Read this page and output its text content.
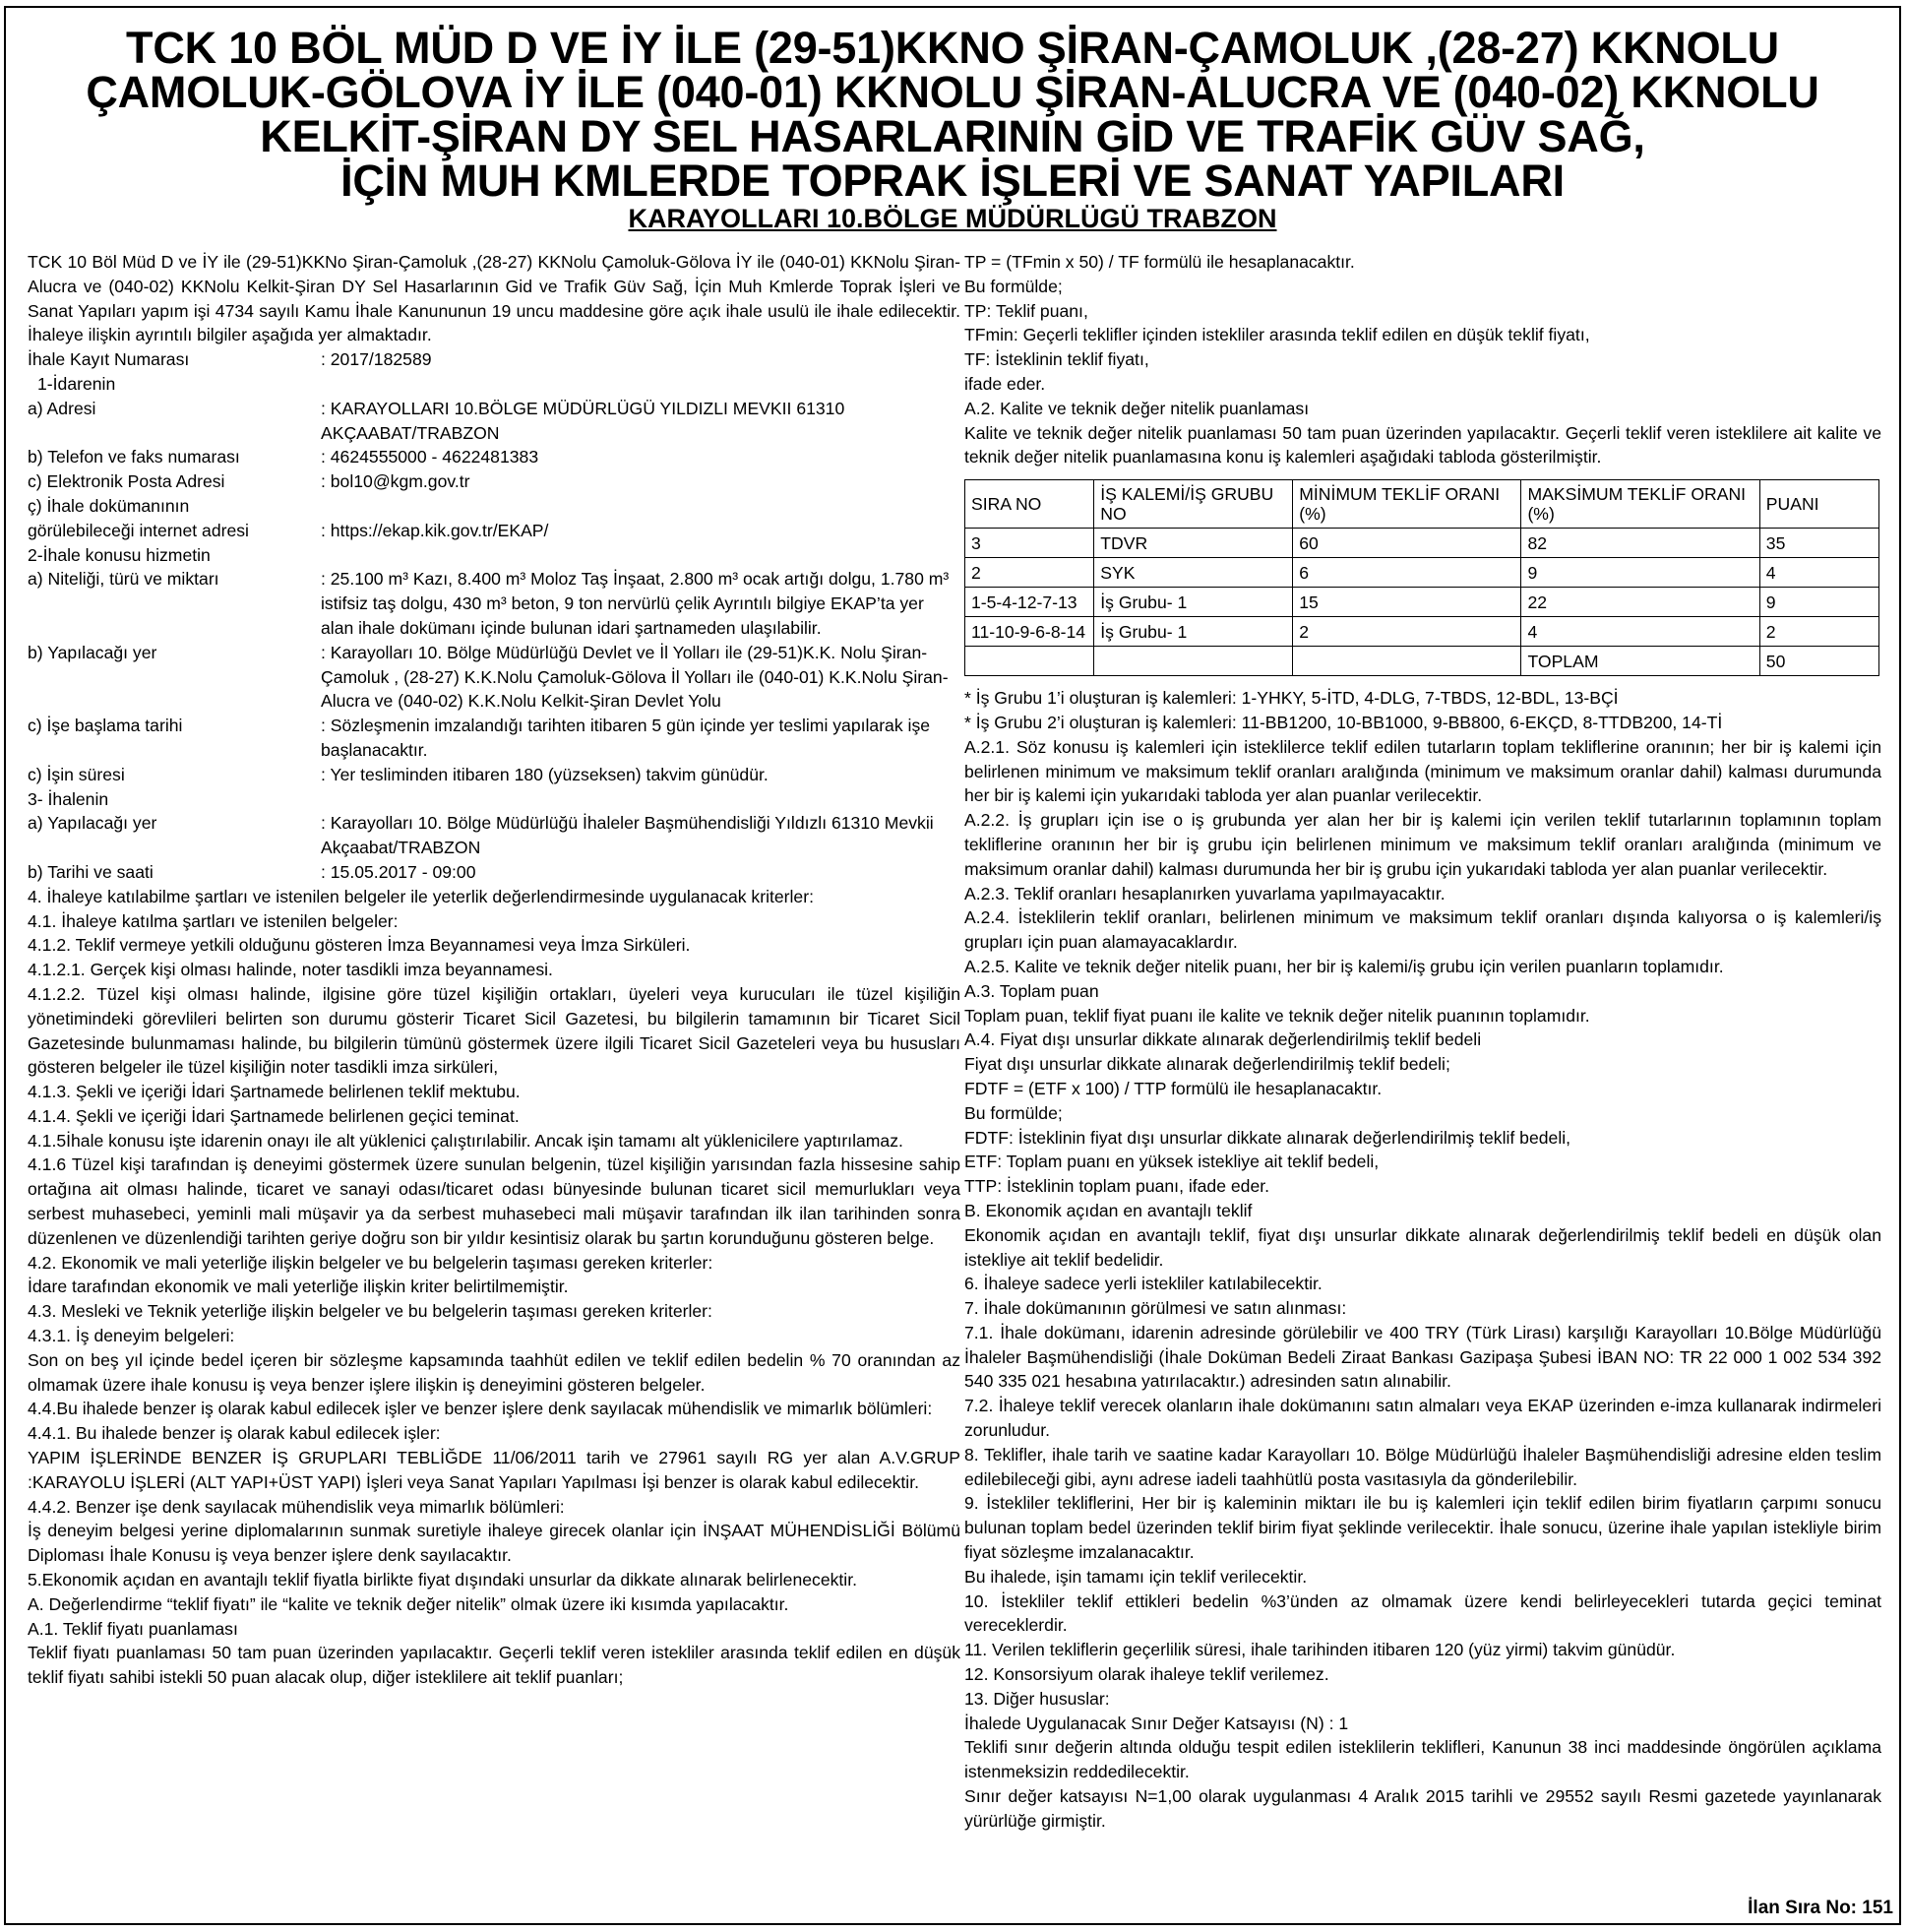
TCK 10 BÖL MÜD D VE İY İLE (29-51)KKNO ŞİRAN-ÇAMOLUK ,(28-27) KKNOLU
ÇAMOLUK-GÖLOVA İY İLE (040-01) KKNOLU ŞİRAN-ALUCRA VE (040-02) KKNOLU
KELKİT-ŞİRAN DY SEL HASARLARININ GİD VE TRAFİK GÜV SAĞ,
İÇİN MUH KMLERDE TOPRAK İŞLERİ VE SANAT YAPILARI
KARAYOLLARI 10.BÖLGE MÜDÜRLÜGÜ TRABZON
TCK 10 Böl Müd D ve İY ile (29-51)KKNo Şiran-Çamoluk ,(28-27) KKNolu Çamoluk-Gölova İY ile (040-01) KKNolu Şiran-Alucra ve (040-02) KKNolu Kelkit-Şiran DY Sel Hasarlarının Gid ve Trafik Güv Sağ, İçin Muh Kmlerde Toprak İşleri ve Sanat Yapıları yapım işi 4734 sayılı Kamu İhale Kanununun 19 uncu maddesine göre açık ihale usulü ile ihale edilecektir. İhaleye ilişkin ayrıntılı bilgiler aşağıda yer almaktadır.
İhale Kayıt Numarası	: 2017/182589
1-İdarenin
a) Adresi	: KARAYOLLARI 10.BÖLGE MÜDÜRLÜGÜ YILDIZLI MEVKII 61310 AKÇAABAT/TRABZON
b) Telefon ve faks numarası	: 4624555000 - 4622481383
c) Elektronik Posta Adresi	: bol10@kgm.gov.tr
ç) İhale dokümanının
görülebileceği internet adresi	: https://ekap.kik.gov.tr/EKAP/
2-İhale konusu hizmetin
a) Niteliği, türü ve miktarı	: 25.100 m³ Kazı, 8.400 m³ Moloz Taş İnşaat, 2.800 m³ ocak artığı dolgu, 1.780 m³ istifsiz taş dolgu, 430 m³ beton, 9 ton nervürlü çelik Ayrıntılı bilgiye EKAP’ta yer alan ihale dokümanı içinde bulunan idari şartnameden ulaşılabilir.
b) Yapılacağı yer	: Karayolları 10. Bölge Müdürlüğü Devlet ve İl Yolları ile (29-51)K.K. Nolu Şiran-Çamoluk , (28-27) K.K.Nolu Çamoluk-Gölova İl Yolları ile (040-01) K.K.Nolu Şiran-Alucra ve (040-02) K.K.Nolu Kelkit-Şiran Devlet Yolu
c) İşe başlama tarihi	: Sözleşmenin imzalandığı tarihten itibaren 5 gün içinde yer teslimi yapılarak işe başlanacaktır.
c) İşin süresi	: Yer tesliminden itibaren 180 (yüzseksen) takvim günüdür.
3- İhalenin
a) Yapılacağı yer	: Karayolları 10. Bölge Müdürlüğü İhaleler Başmühendisliği Yıldızlı 61310 Mevkii Akçaabat/TRABZON
b) Tarihi ve saati	: 15.05.2017 - 09:00
4. İhaleye katılabilme şartları ve istenilen belgeler ile yeterlik değerlendirmesinde uygulanacak kriterler:
4.1. İhaleye katılma şartları ve istenilen belgeler:
4.1.2. Teklif vermeye yetkili olduğunu gösteren İmza Beyannamesi veya İmza Sirküleri.
4.1.2.1. Gerçek kişi olması halinde, noter tasdikli imza beyannamesi.
4.1.2.2. Tüzel kişi olması halinde, ilgisine göre tüzel kişiliğin ortakları, üyeleri veya kurucuları ile tüzel kişiliğin yönetimindeki görevlileri belirten son durumu gösterir Ticaret Sicil Gazetesi, bu bilgilerin tamamının bir Ticaret Sicil Gazetesinde bulunmaması halinde, bu bilgilerin tümünü göstermek üzere ilgili Ticaret Sicil Gazeteleri veya bu hususları gösteren belgeler ile tüzel kişiliğin noter tasdikli imza sirküleri,
4.1.3. Şekli ve içeriği İdari Şartnamede belirlenen teklif mektubu.
4.1.4. Şekli ve içeriği İdari Şartnamede belirlenen geçici teminat.
4.1.5İhale konusu işte idarenin onayı ile alt yüklenici çalıştırılabilir. Ancak işin tamamı alt yüklenicilere yaptırılamaz.
4.1.6 Tüzel kişi tarafından iş deneyimi göstermek üzere sunulan belgenin, tüzel kişiliğin yarısından fazla hissesine sahip ortağına ait olması halinde, ticaret ve sanayi odası/ticaret odası bünyesinde bulunan ticaret sicil memurlukları veya serbest muhasebeci, yeminli mali müşavir ya da serbest muhasebeci mali müşavir tarafından ilk ilan tarihinden sonra düzenlenen ve düzenlendiği tarihten geriye doğru son bir yıldır kesintisiz olarak bu şartın korunduğunu gösteren belge.
4.2. Ekonomik ve mali yeterliğe ilişkin belgeler ve bu belgelerin taşıması gereken kriterler:
İdare tarafından ekonomik ve mali yeterliğe ilişkin kriter belirtilmemiştir.
4.3. Mesleki ve Teknik yeterliğe ilişkin belgeler ve bu belgelerin taşıması gereken kriterler:
4.3.1. İş deneyim belgeleri:
Son on beş yıl içinde bedel içeren bir sözleşme kapsamında taahhüt edilen ve teklif edilen bedelin % 70 oranından az olmamak üzere ihale konusu iş veya benzer işlere ilişkin iş deneyimini gösteren belgeler.
4.4.Bu ihalede benzer iş olarak kabul edilecek işler ve benzer işlere denk sayılacak mühendislik ve mimarlık bölümleri:
4.4.1. Bu ihalede benzer iş olarak kabul edilecek işler:
YAPIM İŞLERİNDE BENZER İŞ GRUPLARI TEBLİĞDE 11/06/2011 tarih ve 27961 sayılı RG yer alan A.V.GRUP :KARAYOLU İŞLERİ (ALT YAPI+ÜST YAPI) İşleri veya Sanat Yapıları Yapılması İşi benzer is olarak kabul edilecektir.
4.4.2. Benzer işe denk sayılacak mühendislik veya mimarlık bölümleri:
İş deneyim belgesi yerine diplomalarının sunmak suretiyle ihaleye girecek olanlar için İNŞAAT MÜHENDİSLİĞİ Bölümü Diploması İhale Konusu iş veya benzer işlere denk sayılacaktır.
5.Ekonomik açıdan en avantajlı teklif fiyatla birlikte fiyat dışındaki unsurlar da dikkate alınarak belirlenecektir.
A. Değerlendirme “teklif fiyatı” ile “kalite ve teknik değer nitelik” olmak üzere iki kısımda yapılacaktır.
A.1. Teklif fiyatı puanlaması
Teklif fiyatı puanlaması 50 tam puan üzerinden yapılacaktır. Geçerli teklif veren istekliler arasında teklif edilen en düşük teklif fiyatı sahibi istekli 50 puan alacak olup, diğer isteklilere ait teklif puanları;
TP = (TFmin x 50) / TF formülü ile hesaplanacaktır.
Bu formülde;
TP: Teklif puanı,
TFmin: Geçerli teklifler içinden istekliler arasında teklif edilen en düşük teklif fiyatı,
TF: İsteklinin teklif fiyatı,
ifade eder.
A.2. Kalite ve teknik değer nitelik puanlaması
Kalite ve teknik değer nitelik puanlaması 50 tam puan üzerinden yapılacaktır. Geçerli teklif veren isteklilere ait kalite ve teknik değer nitelik puanlamasına konu iş kalemleri aşağıdaki tabloda gösterilmiştir.
SIRA NO	İŞ KALEMİ/İŞ GRUBU NO	MİNİMUM TEKLİF ORANI (%)	MAKSİMUM TEKLİF ORANI (%)	PUANI
3	TDVR	60	82	35
2	SYK	6	9	4
1-5-4-12-7-13	İş Grubu- 1	15	22	9
11-10-9-6-8-14	İş Grubu- 1	2	4	2
			TOPLAM	50
* İş Grubu 1’i oluşturan iş kalemleri: 1-YHKY, 5-İTD, 4-DLG, 7-TBDS, 12-BDL, 13-BÇİ
* İş Grubu 2’i oluşturan iş kalemleri: 11-BB1200, 10-BB1000, 9-BB800, 6-EKÇD, 8-TTDB200, 14-Tİ
A.2.1. Söz konusu iş kalemleri için isteklilerce teklif edilen tutarların toplam tekliflerine oranının; her bir iş kalemi için belirlenen minimum ve maksimum teklif oranları aralığında (minimum ve maksimum oranlar dahil) kalması durumunda her bir iş kalemi için yukarıdaki tabloda yer alan puanlar verilecektir.
A.2.2. İş grupları için ise o iş grubunda yer alan her bir iş kalemi için verilen teklif tutarlarının toplamının toplam tekliflerine oranının her bir iş grubu için belirlenen minimum ve maksimum teklif oranları aralığında (minimum ve maksimum oranlar dahil) kalması durumunda her bir iş grubu için yukarıdaki tabloda yer alan puanlar verilecektir.
A.2.3. Teklif oranları hesaplanırken yuvarlama yapılmayacaktır.
A.2.4. İsteklilerin teklif oranları, belirlenen minimum ve maksimum teklif oranları dışında kalıyorsa o iş kalemleri/iş grupları için puan alamayacaklardır.
A.2.5. Kalite ve teknik değer nitelik puanı, her bir iş kalemi/iş grubu için verilen puanların toplamıdır.
A.3. Toplam puan
Toplam puan, teklif fiyat puanı ile kalite ve teknik değer nitelik puanının toplamıdır.
A.4. Fiyat dışı unsurlar dikkate alınarak değerlendirilmiş teklif bedeli
Fiyat dışı unsurlar dikkate alınarak değerlendirilmiş teklif bedeli;
FDTF = (ETF x 100) / TTP formülü ile hesaplanacaktır.
Bu formülde;
FDTF: İsteklinin fiyat dışı unsurlar dikkate alınarak değerlendirilmiş teklif bedeli,
ETF: Toplam puanı en yüksek istekliye ait teklif bedeli,
TTP: İsteklinin toplam puanı, ifade eder.
B. Ekonomik açıdan en avantajlı teklif
Ekonomik açıdan en avantajlı teklif, fiyat dışı unsurlar dikkate alınarak değerlendirilmiş teklif bedeli en düşük olan istekliye ait teklif bedelidir.
6. İhaleye sadece yerli istekliler katılabilecektir.
7. İhale dokümanının görülmesi ve satın alınması:
7.1. İhale dokümanı, idarenin adresinde görülebilir ve 400 TRY (Türk Lirası) karşılığı Karayolları 10.Bölge Müdürlüğü İhaleler Başmühendisliği (İhale Doküman Bedeli Ziraat Bankası Gazipaşa Şubesi İBAN NO: TR 22 000 1 002 534 392 540 335 021 hesabına yatırılacaktır.) adresinden satın alınabilir.
7.2. İhaleye teklif verecek olanların ihale dokümanını satın almaları veya EKAP üzerinden e-imza kullanarak indirmeleri zorunludur.
8. Teklifler, ihale tarih ve saatine kadar Karayolları 10. Bölge Müdürlüğü İhaleler Başmühendisliği adresine elden teslim edilebileceği gibi, aynı adrese iadeli taahhütlü posta vasıtasıyla da gönderilebilir.
9. İstekliler tekliflerini, Her bir iş kaleminin miktarı ile bu iş kalemleri için teklif edilen birim fiyatların çarpımı sonucu bulunan toplam bedel üzerinden teklif birim fiyat şeklinde verilecektir. İhale sonucu, üzerine ihale yapılan istekliyle birim fiyat sözleşme imzalanacaktır.
Bu ihalede, işin tamamı için teklif verilecektir.
10. İstekliler teklif ettikleri bedelin %3’ünden az olmamak üzere kendi belirleyecekleri tutarda geçici teminat vereceklerdir.
11. Verilen tekliflerin geçerlilik süresi, ihale tarihinden itibaren 120 (yüz yirmi) takvim günüdür.
12. Konsorsiyum olarak ihaleye teklif verilemez.
13. Diğer hususlar:
İhalede Uygulanacak Sınır Değer Katsayısı (N) : 1
Teklifi sınır değerin altında olduğu tespit edilen isteklilerin teklifleri, Kanunun 38 inci maddesinde öngörülen açıklama istenmeksizin reddedilecektir.
Sınır değer katsayısı N=1,00 olarak uygulanması 4 Aralık 2015 tarihli ve 29552 sayılı Resmi gazetede yayınlanarak yürürlüğe girmiştir.
İlan Sıra No: 151
